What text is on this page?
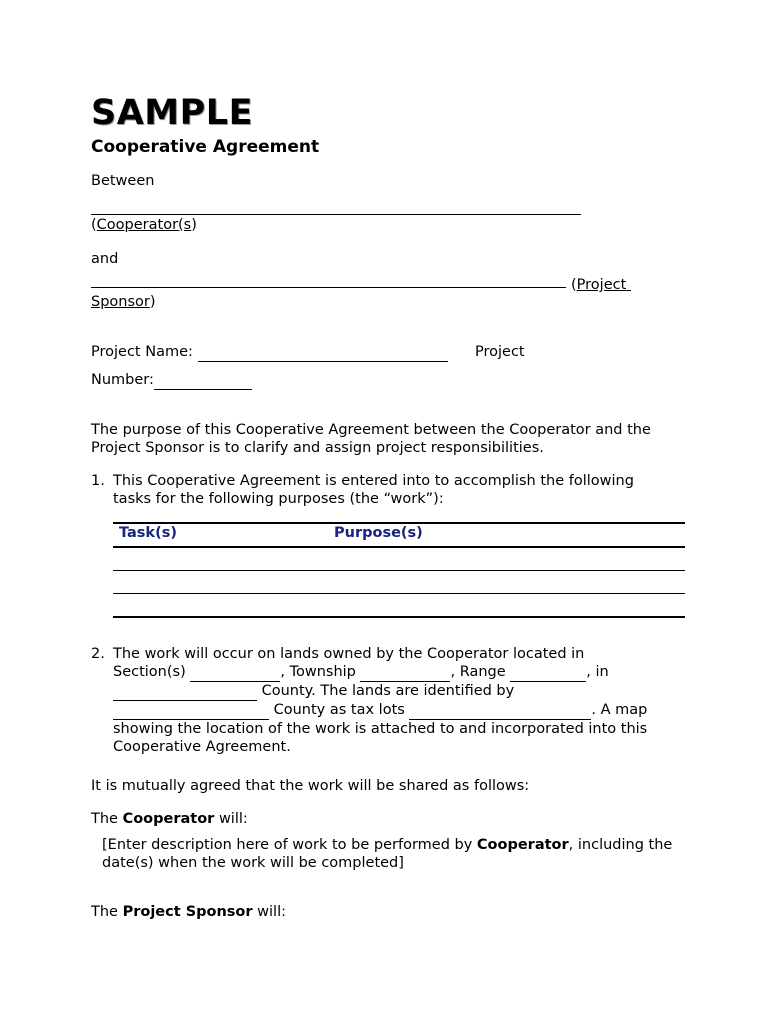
SAMPLE

Cooperative Agreement

Between
(Cooperator(s)
and
(Project
Sponsor)
Project Name:	Project
Number:
The purpose of this Cooperative Agreement between the Cooperator and the Project Sponsor is to clarify and assign project responsibilities.
1. This Cooperative Agreement is entered into to accomplish the following tasks for the following purposes (the “work”):
Task(s)	Purpose(s)
2. The work will occur on lands owned by the Cooperator located in
Section(s)	, Township	, Range	, in
County. The lands are identified by
County as tax lots	. A map
showing the location of the work is attached to and incorporated into this
Cooperative Agreement.
It is mutually agreed that the work will be shared as follows:
The Cooperator will:
[Enter description here of work to be performed by Cooperator, including the date(s) when the work will be completed]
The Project Sponsor will:
